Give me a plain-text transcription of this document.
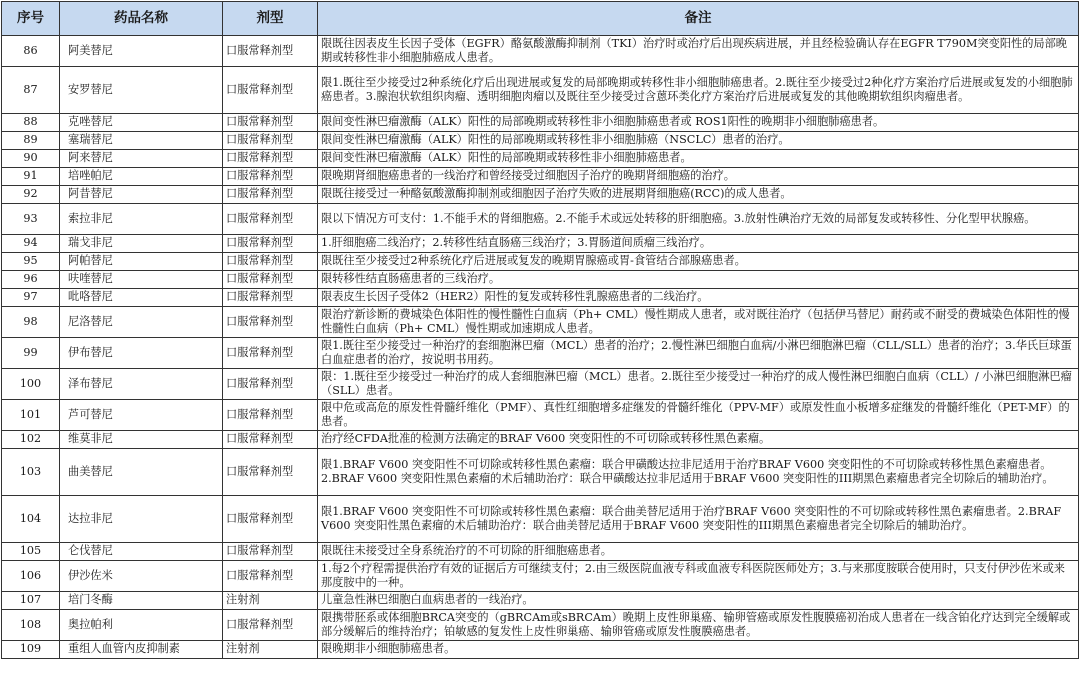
序号	药品名称	剂型	备注
86	阿美替尼	口服常释剂型	限既往因表皮生长因子受体（EGFR）酪氨酸激酶抑制剂（TKI）治疗时或治疗后出现疾病进展，并且经检验确认存在EGFR T790M突变阳性的局部晚期或转移性非小细胞肺癌成人患者。
87	安罗替尼	口服常释剂型	限1.既往至少接受过2种系统化疗后出现进展或复发的局部晚期或转移性非小细胞肺癌患者。2.既往至少接受过2种化疗方案治疗后进展或复发的小细胞肺癌患者。3.腺泡状软组织肉瘤、透明细胞肉瘤以及既往至少接受过含蒽环类化疗方案治疗后进展或复发的其他晚期软组织肉瘤患者。
88	克唑替尼	口服常释剂型	限间变性淋巴瘤激酶（ALK）阳性的局部晚期或转移性非小细胞肺癌患者或 ROS1阳性的晚期非小细胞肺癌患者。
89	塞瑞替尼	口服常释剂型	限间变性淋巴瘤激酶（ALK）阳性的局部晚期或转移性非小细胞肺癌（NSCLC）患者的治疗。
90	阿来替尼	口服常释剂型	限间变性淋巴瘤激酶（ALK）阳性的局部晚期或转移性非小细胞肺癌患者。
91	培唑帕尼	口服常释剂型	限晚期肾细胞癌患者的一线治疗和曾经接受过细胞因子治疗的晚期肾细胞癌的治疗。
92	阿昔替尼	口服常释剂型	限既往接受过一种酪氨酸激酶抑制剂或细胞因子治疗失败的进展期肾细胞癌(RCC)的成人患者。
93	索拉非尼	口服常释剂型	限以下情况方可支付：1.不能手术的肾细胞癌。2.不能手术或远处转移的肝细胞癌。3.放射性碘治疗无效的局部复发或转移性、分化型甲状腺癌。
94	瑞戈非尼	口服常释剂型	1.肝细胞癌二线治疗；2.转移性结直肠癌三线治疗；3.胃肠道间质瘤三线治疗。
95	阿帕替尼	口服常释剂型	限既往至少接受过2种系统化疗后进展或复发的晚期胃腺癌或胃-食管结合部腺癌患者。
96	呋喹替尼	口服常释剂型	限转移性结直肠癌患者的三线治疗。
97	吡咯替尼	口服常释剂型	限表皮生长因子受体2（HER2）阳性的复发或转移性乳腺癌患者的二线治疗。
98	尼洛替尼	口服常释剂型	限治疗新诊断的费城染色体阳性的慢性髓性白血病（Ph+ CML）慢性期成人患者，或对既往治疗（包括伊马替尼）耐药或不耐受的费城染色体阳性的慢性髓性白血病（Ph+ CML）慢性期或加速期成人患者。
99	伊布替尼	口服常释剂型	限1.既往至少接受过一种治疗的套细胞淋巴瘤（MCL）患者的治疗；2.慢性淋巴细胞白血病/小淋巴细胞淋巴瘤（CLL/SLL）患者的治疗；3.华氏巨球蛋白血症患者的治疗，按说明书用药。
100	泽布替尼	口服常释剂型	限：1.既往至少接受过一种治疗的成人套细胞淋巴瘤（MCL）患者。2.既往至少接受过一种治疗的成人慢性淋巴细胞白血病（CLL）/ 小淋巴细胞淋巴瘤（SLL）患者。
101	芦可替尼	口服常释剂型	限中危或高危的原发性骨髓纤维化（PMF）、真性红细胞增多症继发的骨髓纤维化（PPV-MF）或原发性血小板增多症继发的骨髓纤维化（PET-MF）的患者。
102	维莫非尼	口服常释剂型	治疗经CFDA批准的检测方法确定的BRAF V600 突变阳性的不可切除或转移性黑色素瘤。
103	曲美替尼	口服常释剂型	限1.BRAF V600 突变阳性不可切除或转移性黑色素瘤：联合甲磺酸达拉非尼适用于治疗BRAF V600 突变阳性的不可切除或转移性黑色素瘤患者。2.BRAF V600 突变阳性黑色素瘤的术后辅助治疗：联合甲磺酸达拉非尼适用于BRAF V600 突变阳性的III期黑色素瘤患者完全切除后的辅助治疗。
104	达拉非尼	口服常释剂型	限1.BRAF V600 突变阳性不可切除或转移性黑色素瘤：联合曲美替尼适用于治疗BRAF V600 突变阳性的不可切除或转移性黑色素瘤患者。2.BRAF V600 突变阳性黑色素瘤的术后辅助治疗：联合曲美替尼适用于BRAF V600 突变阳性的III期黑色素瘤患者完全切除后的辅助治疗。
105	仑伐替尼	口服常释剂型	限既往未接受过全身系统治疗的不可切除的肝细胞癌患者。
106	伊沙佐米	口服常释剂型	1.每2个疗程需提供治疗有效的证据后方可继续支付；2.由三级医院血液专科或血液专科医院医师处方；3.与来那度胺联合使用时，只支付伊沙佐米或来那度胺中的一种。
107	培门冬酶	注射剂	儿童急性淋巴细胞白血病患者的一线治疗。
108	奥拉帕利	口服常释剂型	限携带胚系或体细胞BRCA突变的（gBRCAm或sBRCAm）晚期上皮性卵巢癌、输卵管癌或原发性腹膜癌初治成人患者在一线含铂化疗达到完全缓解或部分缓解后的维持治疗；铂敏感的复发性上皮性卵巢癌、输卵管癌或原发性腹膜癌患者。
109	重组人血管内皮抑制素	注射剂	限晚期非小细胞肺癌患者。
